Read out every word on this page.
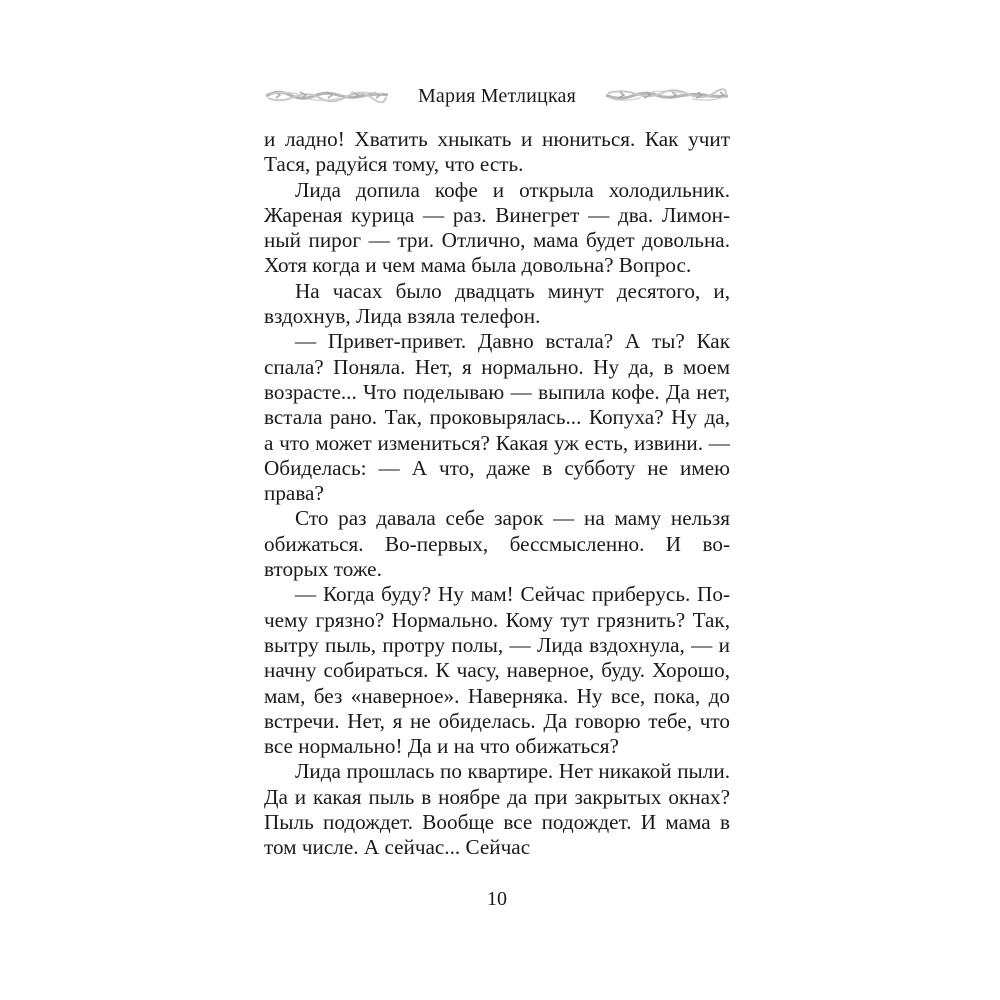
Мария Метлицкая

и ладно! Хватить хныкать и нюниться. Как учит Тася, радуйся тому, что есть.

Лида допила кофе и открыла холодильник. Жареная курица — раз. Винегрет — два. Лимонный пирог — три. Отлично, мама будет довольна. Хотя когда и чем мама была довольна? Вопрос.

На часах было двадцать минут десятого, и, вздохнув, Лида взяла телефон.

— Привет-привет. Давно встала? А ты? Как спала? Поняла. Нет, я нормально. Ну да, в моем возрасте... Что поделываю — выпила кофе. Да нет, встала рано. Так, проковырялась... Копуха? Ну да, а что может измениться? Какая уж есть, извини. — Обиделась: — А что, даже в субботу не имею права?

Сто раз давала себе зарок — на маму нельзя обижаться. Во-первых, бессмысленно. И во-вторых тоже.

— Когда буду? Ну мам! Сейчас приберусь. Почему грязно? Нормально. Кому тут грязнить? Так, вытру пыль, протру полы, — Лида вздохнула, — и начну собираться. К часу, наверное, буду. Хорошо, мам, без «наверное». Наверняка. Ну все, пока, до встречи. Нет, я не обиделась. Да говорю тебе, что все нормально! Да и на что обижаться?

Лида прошлась по квартире. Нет никакой пыли. Да и какая пыль в ноябре да при закрытых окнах? Пыль подождет. Вообще все подождет. И мама в том числе. А сейчас... Сейчас

10
